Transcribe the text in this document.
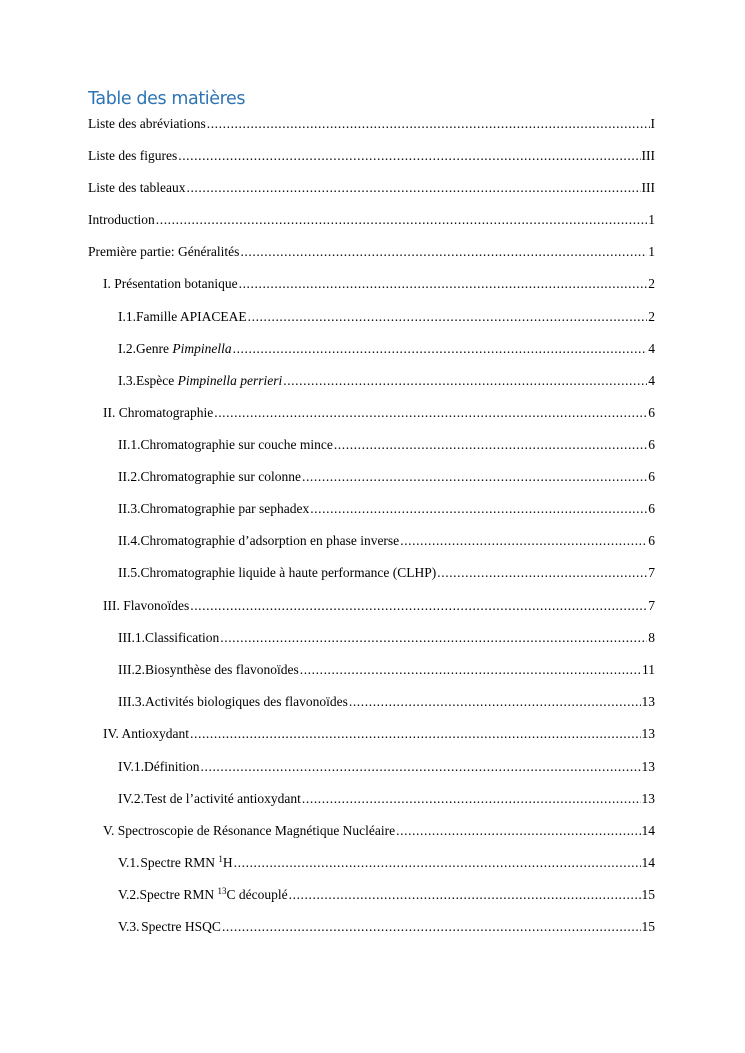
Table des matières
Liste des abréviations .....	I
Liste des figures .....	III
Liste des tableaux .....	III
Introduction .....	1
Première partie: Généralités .....	1
I. Présentation botanique .....	2
I.1. Famille APIACEAE .....	2
I.2. Genre Pimpinella .....	4
I.3. Espèce Pimpinella perrieri .....	4
II. Chromatographie .....	6
II.1. Chromatographie sur couche mince .....	6
II.2. Chromatographie sur colonne .....	6
II.3. Chromatographie par sephadex .....	6
II.4. Chromatographie d’adsorption en phase inverse .....	6
II.5. Chromatographie liquide à haute performance (CLHP) .....	7
III. Flavonoïdes .....	7
III.1. Classification .....	8
III.2. Biosynthèse des flavonoïdes .....	11
III.3. Activités biologiques des flavonoïdes .....	13
IV. Antioxydant .....	13
IV.1. Définition .....	13
IV.2. Test de l’activité antioxydant .....	13
V. Spectroscopie de Résonance Magnétique Nucléaire .....	14
V.1. Spectre RMN $^1$H .....	14
V.2. Spectre RMN $^{13}$C découplé .....	15
V.3. Spectre HSQC .....	15
